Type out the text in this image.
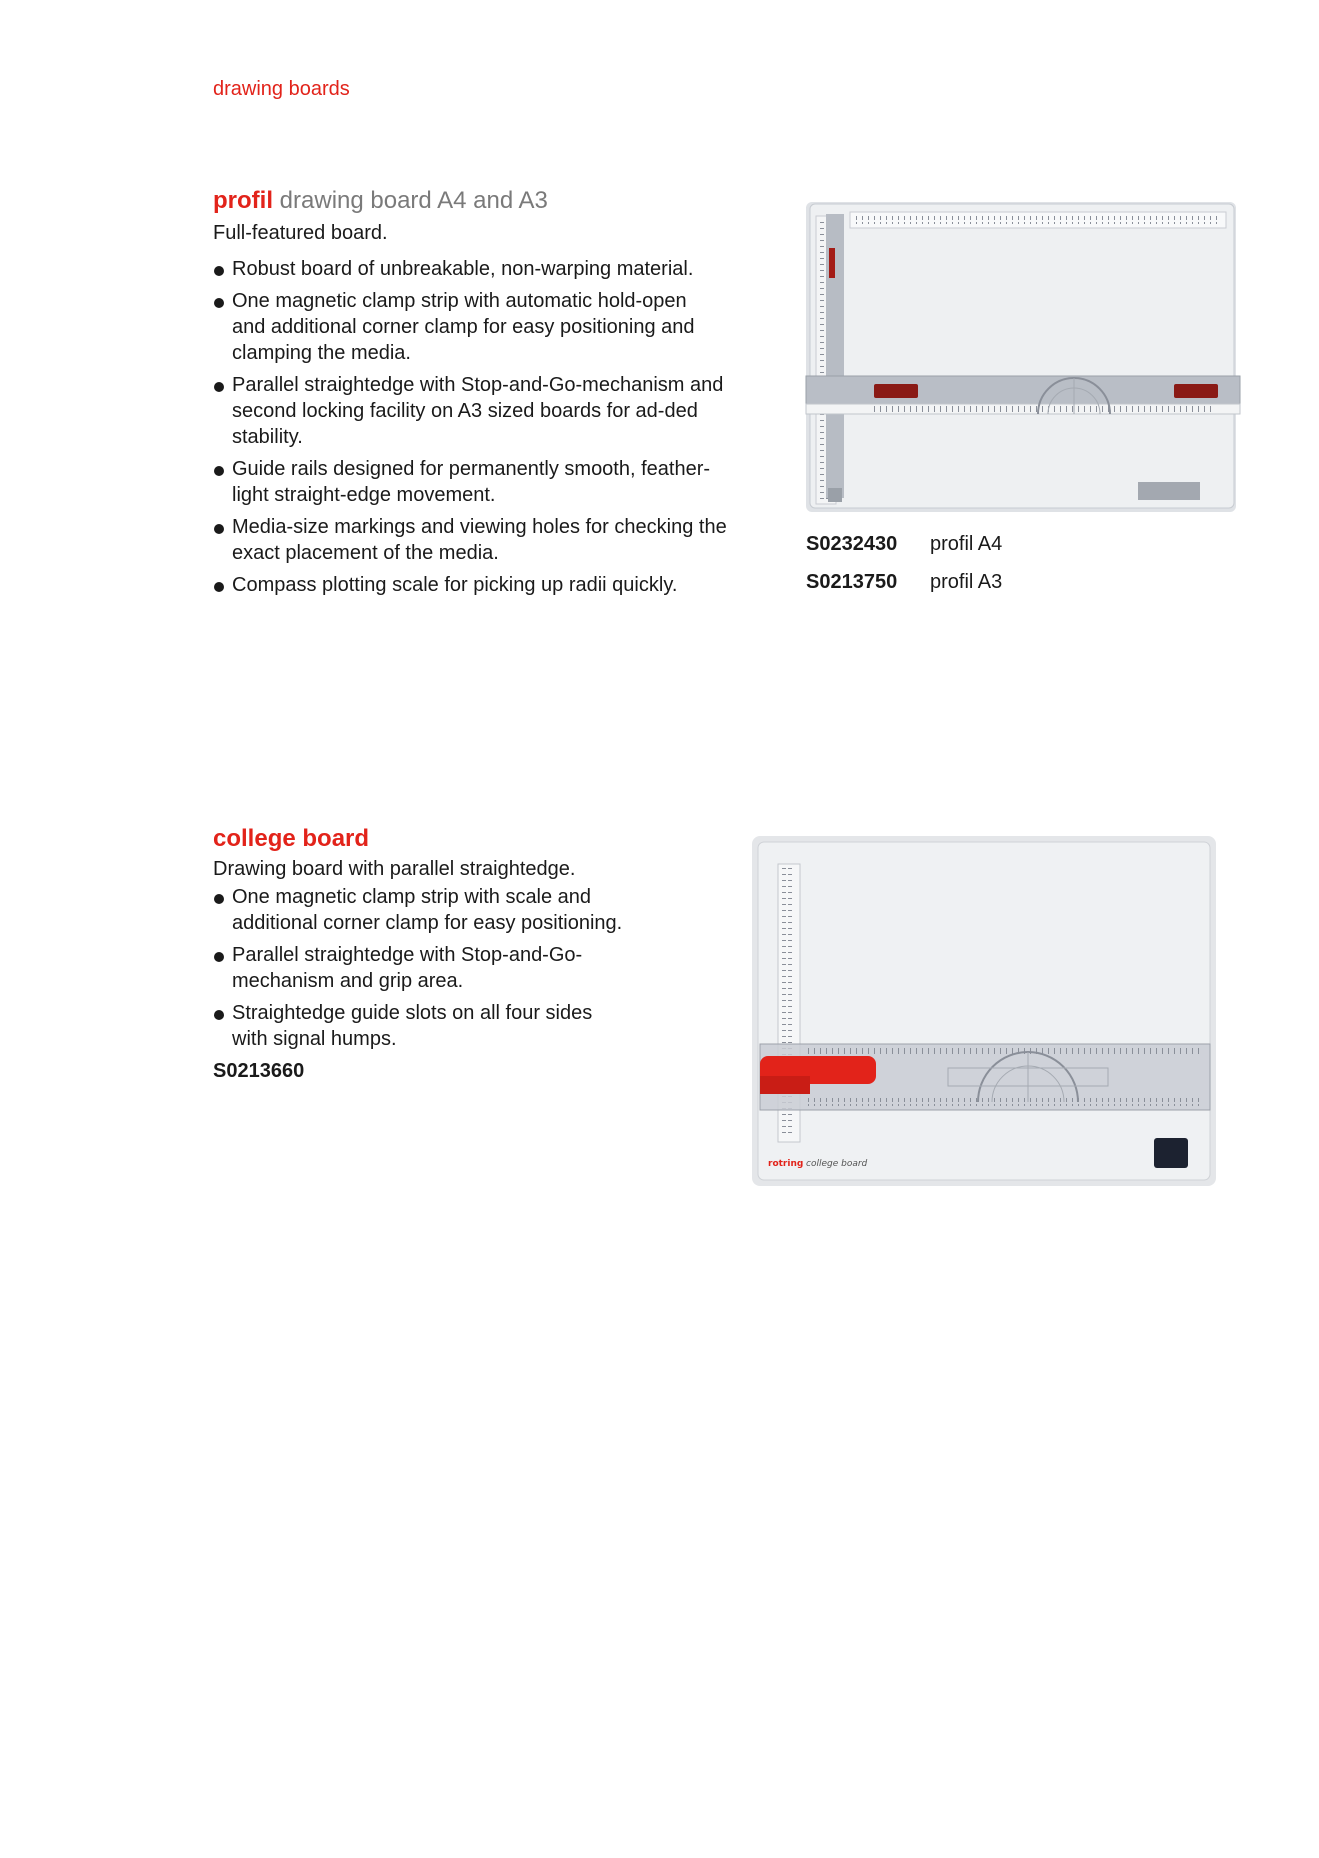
drawing boards
profil drawing board A4 and A3
Full-featured board.
Robust board of unbreakable, non-warping material.
One magnetic clamp strip with automatic hold-open and additional corner clamp for easy positioning and clamping the media.
Parallel straightedge with Stop-and-Go-mechanism and second locking facility on A3 sized boards for ad-ded stability.
Guide rails designed for permanently smooth, feather-light straight-edge movement.
Media-size markings and viewing holes for checking the exact placement of the media.
Compass plotting scale for picking up radii quickly.
S0232430	profil A4
S0213750	profil A3
college board
Drawing board with parallel straightedge.
One magnetic clamp strip with scale and additional corner clamp for easy positioning.
Parallel straightedge with Stop-and-Go-mechanism and grip area.
Straightedge guide slots on all four sides with signal humps.
S0213660
rotring college board
